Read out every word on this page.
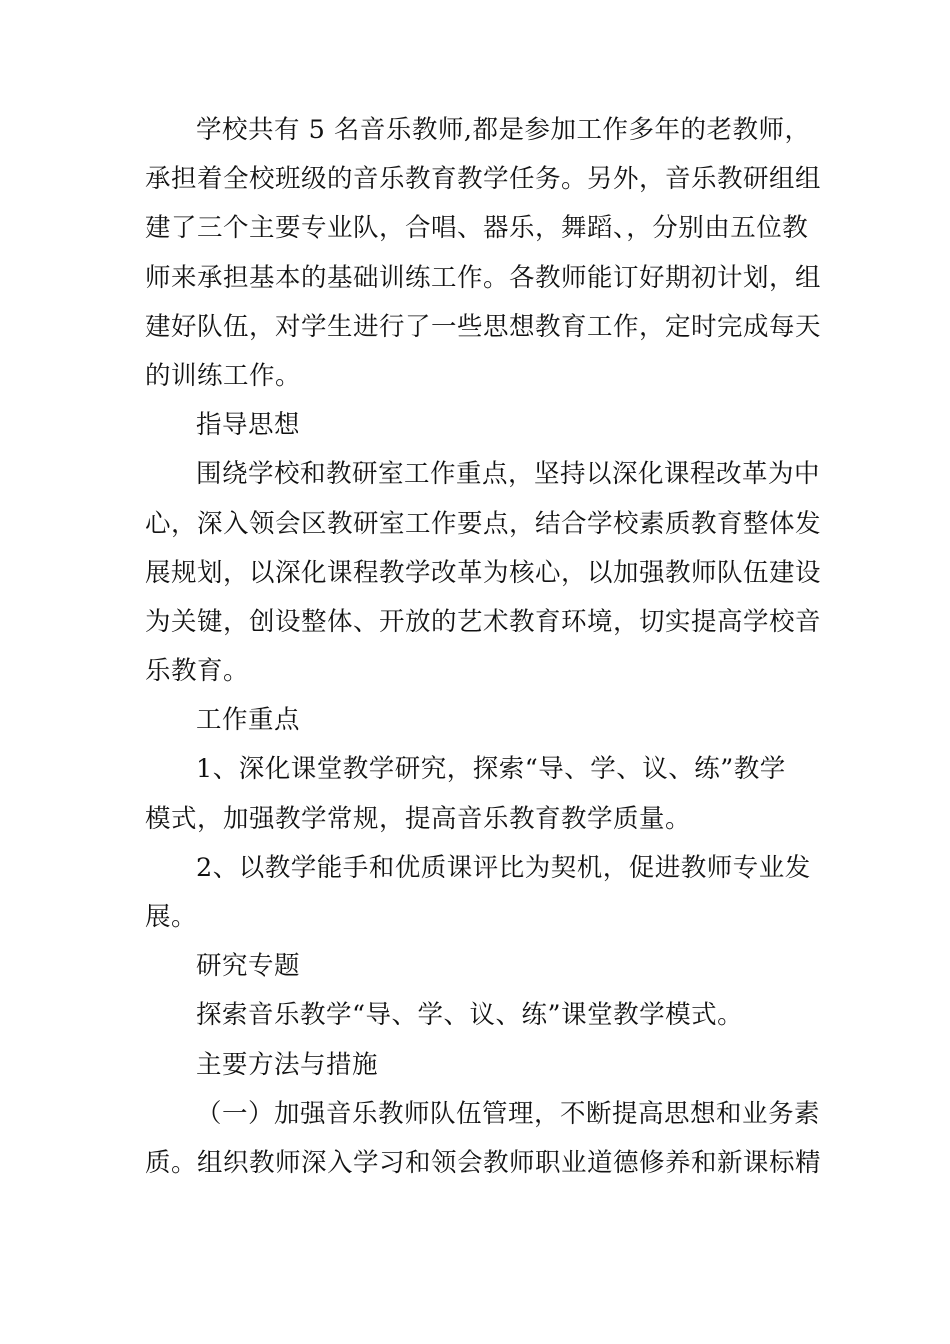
学校共有 5 名音乐教师,都是参加工作多年的老教师，
承担着全校班级的音乐教育教学任务。另外，音乐教研组组
建了三个主要专业队，合唱、器乐，舞蹈、，分别由五位教
师来承担基本的基础训练工作。各教师能订好期初计划，组
建好队伍，对学生进行了一些思想教育工作，定时完成每天
的训练工作。
指导思想
围绕学校和教研室工作重点，坚持以深化课程改革为中
心，深入领会区教研室工作要点，结合学校素质教育整体发
展规划，以深化课程教学改革为核心，以加强教师队伍建设
为关键，创设整体、开放的艺术教育环境，切实提高学校音
乐教育。
工作重点
1、深化课堂教学研究，探索“导、学、议、练”教学
模式，加强教学常规，提高音乐教育教学质量。
2、以教学能手和优质课评比为契机，促进教师专业发
展。
研究专题
探索音乐教学“导、学、议、练”课堂教学模式。
主要方法与措施
（一）加强音乐教师队伍管理，不断提高思想和业务素
质。组织教师深入学习和领会教师职业道德修养和新课标精
